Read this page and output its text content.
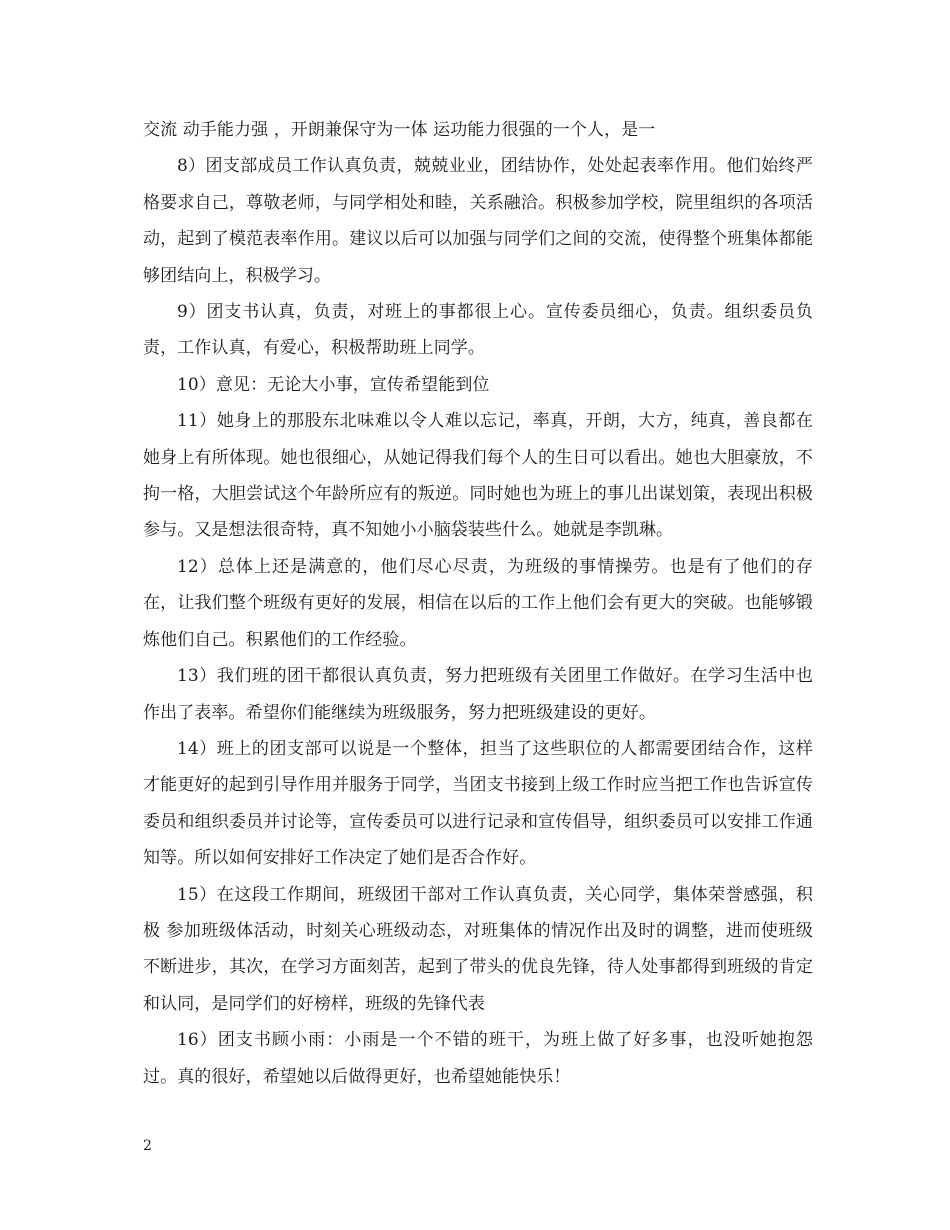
交流 动手能力强 ，开朗兼保守为一体 运功能力很强的一个人，是一

8）团支部成员工作认真负责，兢兢业业，团结协作，处处起表率作用。他们始终严格要求自己，尊敬老师，与同学相处和睦，关系融洽。积极参加学校，院里组织的各项活动，起到了模范表率作用。建议以后可以加强与同学们之间的交流，使得整个班集体都能够团结向上，积极学习。

9）团支书认真，负责，对班上的事都很上心。宣传委员细心，负责。组织委员负责，工作认真，有爱心，积极帮助班上同学。

10）意见：无论大小事，宣传希望能到位

11）她身上的那股东北味难以令人难以忘记，率真，开朗，大方，纯真，善良都在她身上有所体现。她也很细心，从她记得我们每个人的生日可以看出。她也大胆豪放，不拘一格，大胆尝试这个年龄所应有的叛逆。同时她也为班上的事儿出谋划策，表现出积极参与。又是想法很奇特，真不知她小小脑袋装些什么。她就是李凯琳。

12）总体上还是满意的，他们尽心尽责，为班级的事情操劳。也是有了他们的存在，让我们整个班级有更好的发展，相信在以后的工作上他们会有更大的突破。也能够锻炼他们自己。积累他们的工作经验。

13）我们班的团干都很认真负责，努力把班级有关团里工作做好。在学习生活中也作出了表率。希望你们能继续为班级服务，努力把班级建设的更好。

14）班上的团支部可以说是一个整体，担当了这些职位的人都需要团结合作，这样才能更好的起到引导作用并服务于同学，当团支书接到上级工作时应当把工作也告诉宣传委员和组织委员并讨论等，宣传委员可以进行记录和宣传倡导，组织委员可以安排工作通知等。所以如何安排好工作决定了她们是否合作好。

15）在这段工作期间，班级团干部对工作认真负责，关心同学，集体荣誉感强，积极 参加班级体活动，时刻关心班级动态，对班集体的情况作出及时的调整，进而使班级不断进步，其次，在学习方面刻苦，起到了带头的优良先锋，待人处事都得到班级的肯定和认同，是同学们的好榜样，班级的先锋代表

16）团支书顾小雨：小雨是一个不错的班干，为班上做了好多事，也没听她抱怨过。真的很好，希望她以后做得更好，也希望她能快乐！

2
